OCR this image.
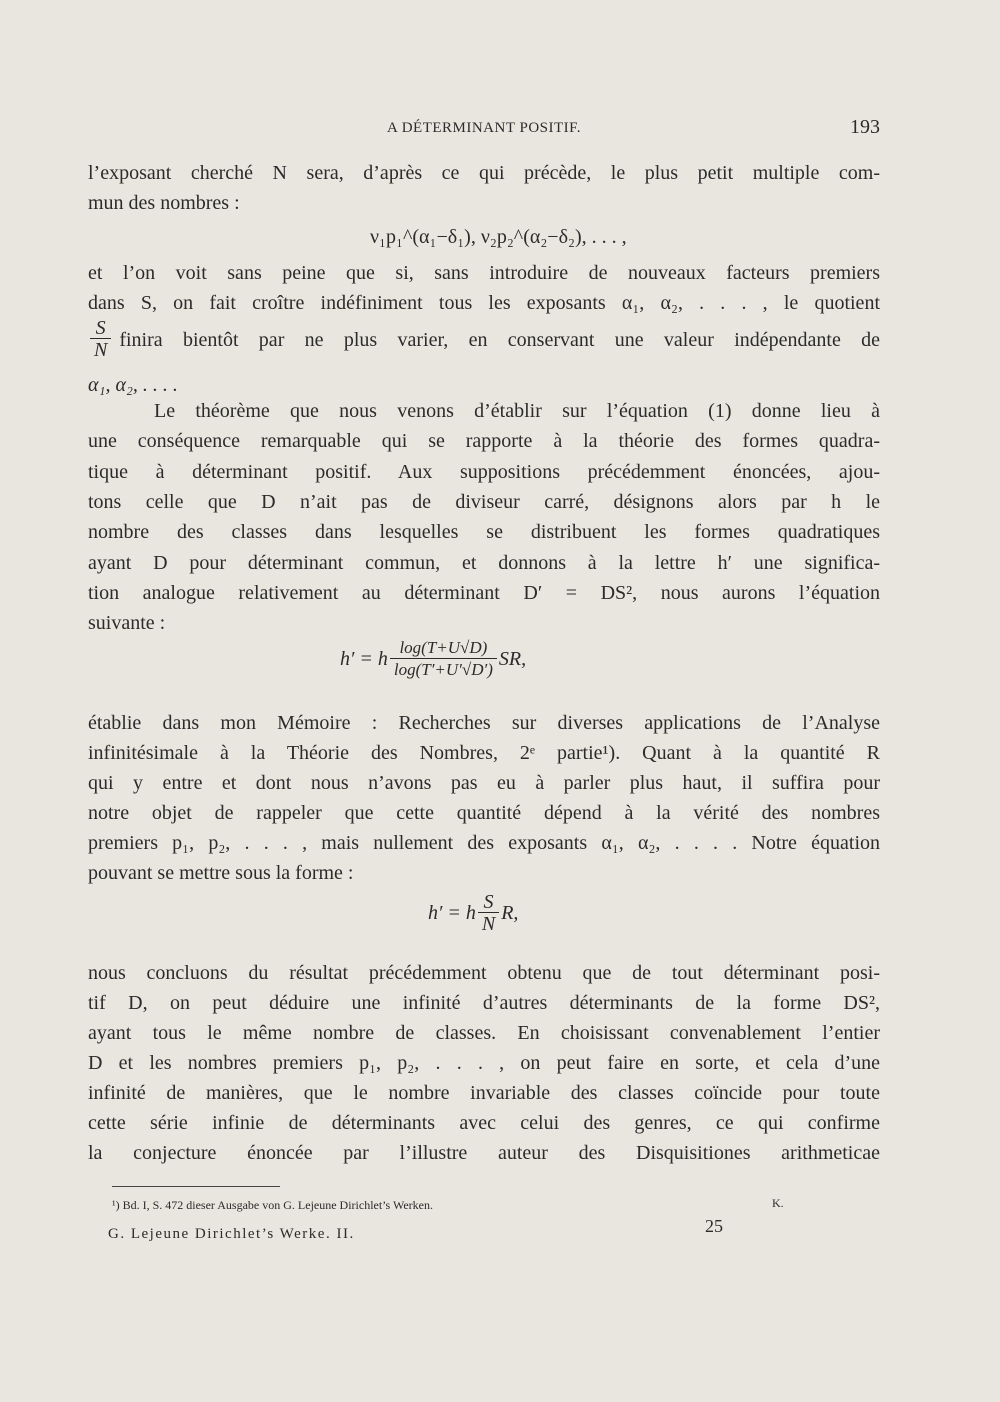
A DÉTERMINANT POSITIF.	193
l’exposant cherché N sera, d’après ce qui précède, le plus petit multiple com-
mun des nombres :
ν₁p₁^(α₁−δ₁), ν₂p₂^(α₂−δ₂), . . . ,
et l’on voit sans peine que si, sans introduire de nouveaux facteurs premiers
dans S, on fait croître indéfiniment tous les exposants α₁, α₂, . . . , le quotient
$\frac{S}{N}$ finira bientôt par ne plus varier, en conservant une valeur indépendante de
α₁, α₂, . . . .
Le théorème que nous venons d’établir sur l’équation (1) donne lieu à
une conséquence remarquable qui se rapporte à la théorie des formes quadra-
tique à déterminant positif. Aux suppositions précédemment énoncées, ajou-
tons celle que D n’ait pas de diviseur carré, désignons alors par h le
nombre des classes dans lesquelles se distribuent les formes quadratiques
ayant D pour déterminant commun, et donnons à la lettre h′ une significa-
tion analogue relativement au déterminant D′ = DS², nous aurons l’équation
suivante :
h′ = h $\frac{\log(T+U√D)}{\log(T'+U'√D')}$ SR,
établie dans mon Mémoire : Recherches sur diverses applications de l’Analyse
infinitésimale à la Théorie des Nombres, 2ᵉ partie¹). Quant à la quantité R
qui y entre et dont nous n’avons pas eu à parler plus haut, il suffira pour
notre objet de rappeler que cette quantité dépend à la vérité des nombres
premiers p₁, p₂, . . . , mais nullement des exposants α₁, α₂, . . . . Notre équation
pouvant se mettre sous la forme :
h′ = h $\frac{S}{N} R$,
nous concluons du résultat précédemment obtenu que de tout déterminant posi-
tif D, on peut déduire une infinité d’autres déterminants de la forme DS²,
ayant tous le même nombre de classes. En choisissant convenablement l’entier
D et les nombres premiers p₁, p₂, . . . , on peut faire en sorte, et cela d’une
infinité de manières, que le nombre invariable des classes coïncide pour toute
cette série infinie de déterminants avec celui des genres, ce qui confirme
la conjecture énoncée par l’illustre auteur des Disquisitiones arithmeticae
¹) Bd. I, S. 472 dieser Ausgabe von G. Lejeune Dirichlet’s Werken.
G. Lejeune Dirichlet’s Werke. II.	25
K.
